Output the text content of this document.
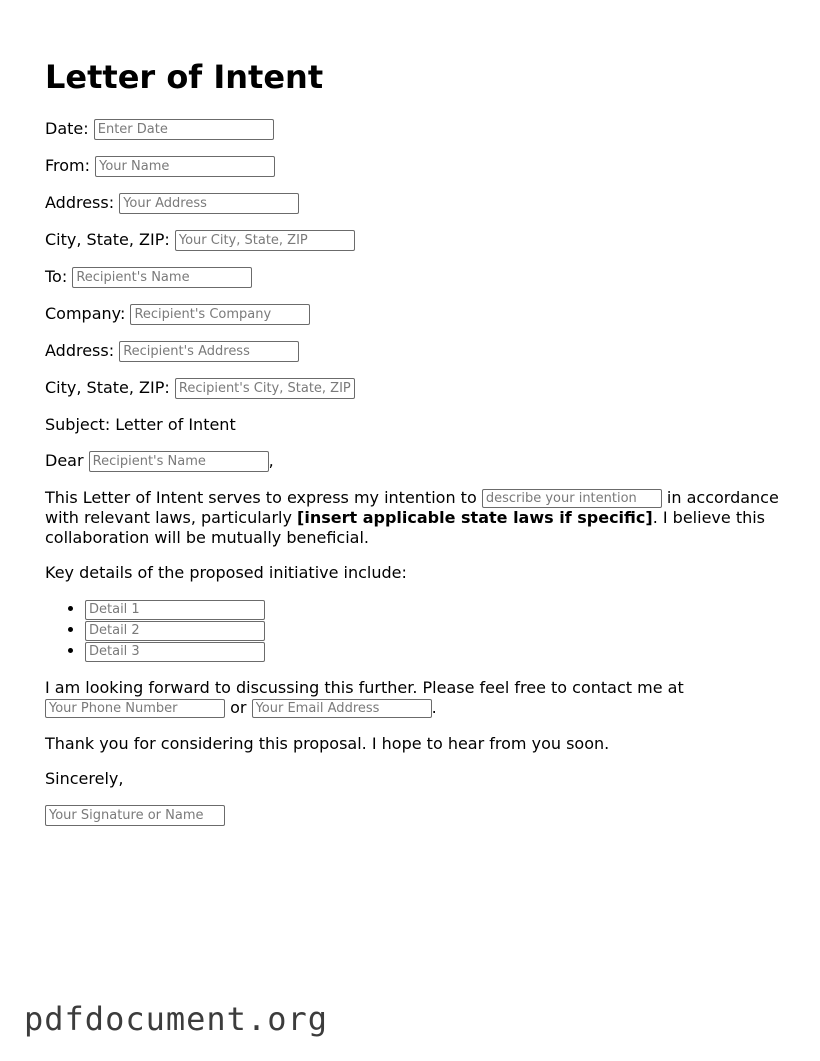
Letter of Intent
Date: Enter Date
From: Your Name
Address: Your Address
City, State, ZIP: Your City, State, ZIP
To: Recipient's Name
Company: Recipient's Company
Address: Recipient's Address
City, State, ZIP: Recipient's City, State, ZIP
Subject: Letter of Intent
Dear Recipient's Name	,
This Letter of Intent serves to express my intention to describe your intention	in accordance with relevant laws, particularly [insert applicable state laws if specific]. I believe this collaboration will be mutually beneficial.
Key details of the proposed initiative include:
• Detail 1
• Detail 2
• Detail 3
I am looking forward to discussing this further. Please feel free to contact me at Your Phone Number or Your Email Address	.
Thank you for considering this proposal. I hope to hear from you soon.
Sincerely,
Your Signature or Name
pdfdocument.org
